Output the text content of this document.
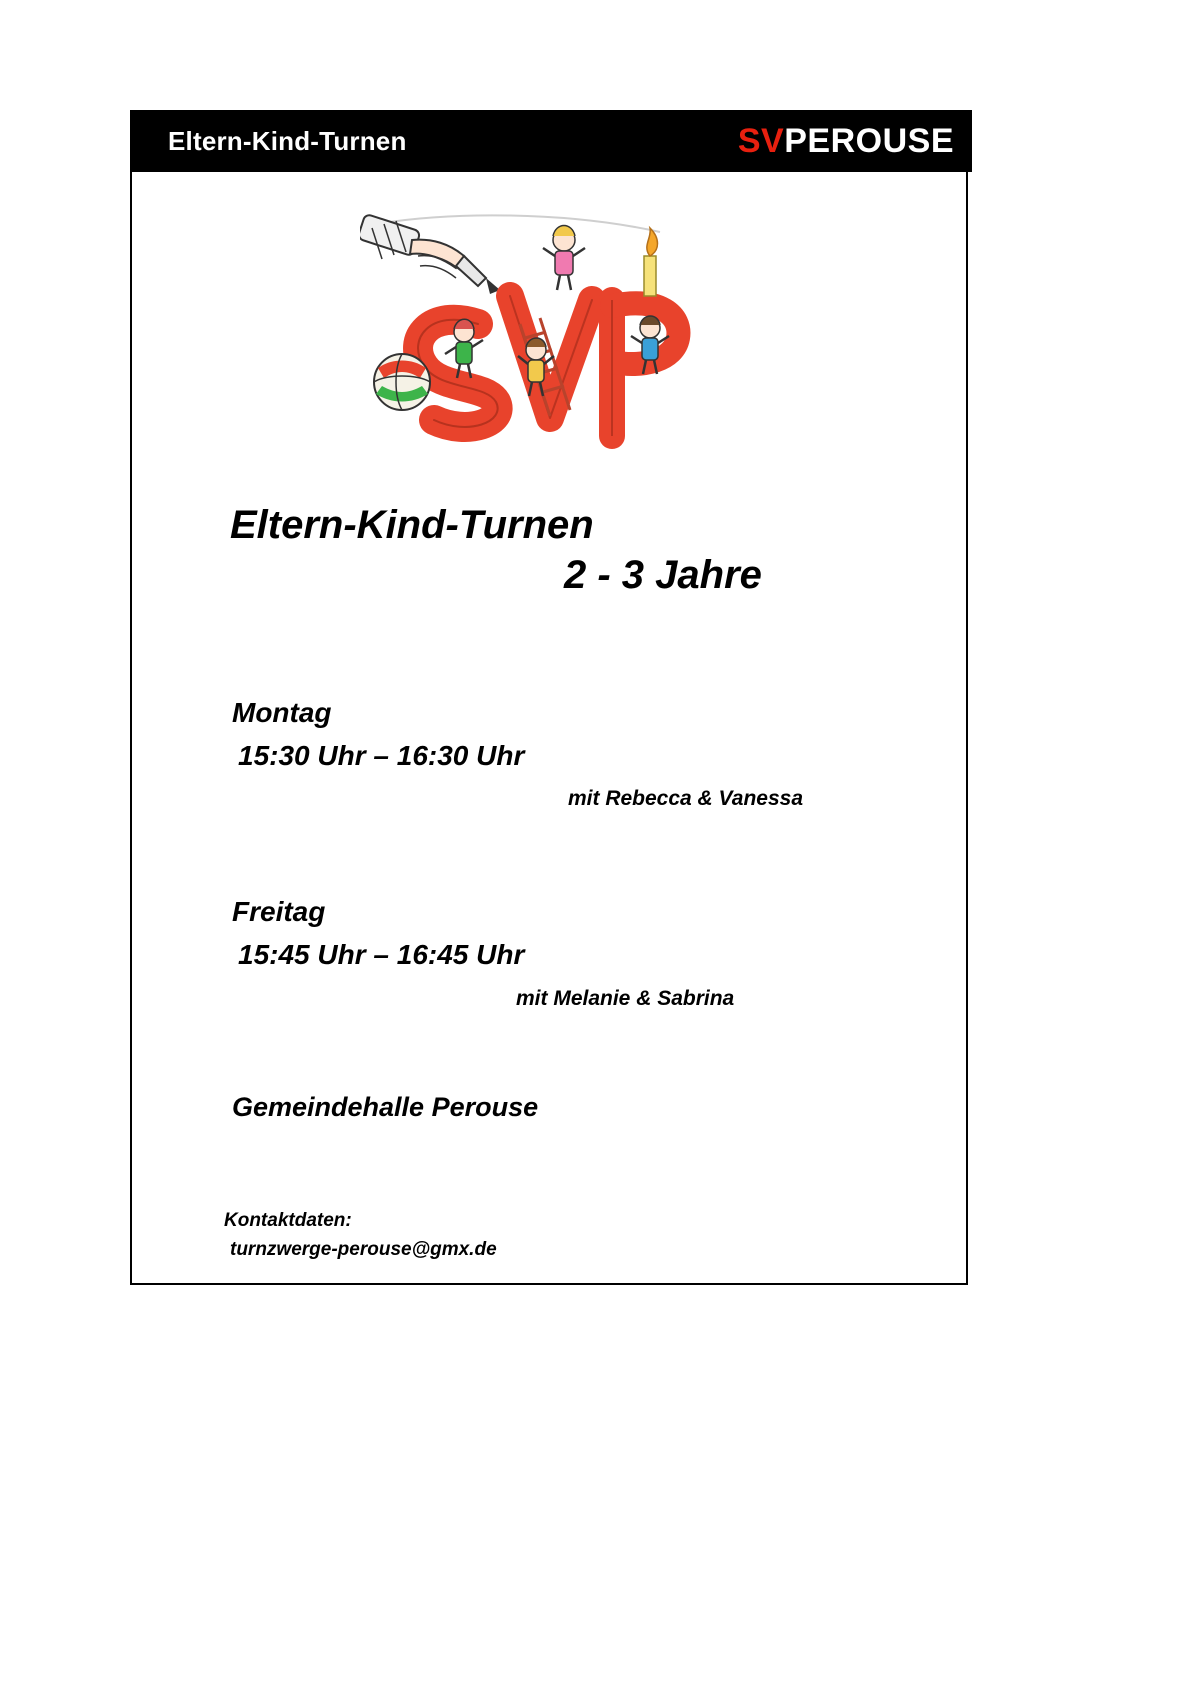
Eltern-Kind-Turnen	SVPEROUSE
Eltern-Kind-Turnen
2 - 3 Jahre
Montag
15:30 Uhr – 16:30 Uhr
mit Rebecca & Vanessa
Freitag
15:45 Uhr – 16:45 Uhr
mit Melanie & Sabrina
Gemeindehalle Perouse
Kontaktdaten:
turnzwerge-perouse@gmx.de
